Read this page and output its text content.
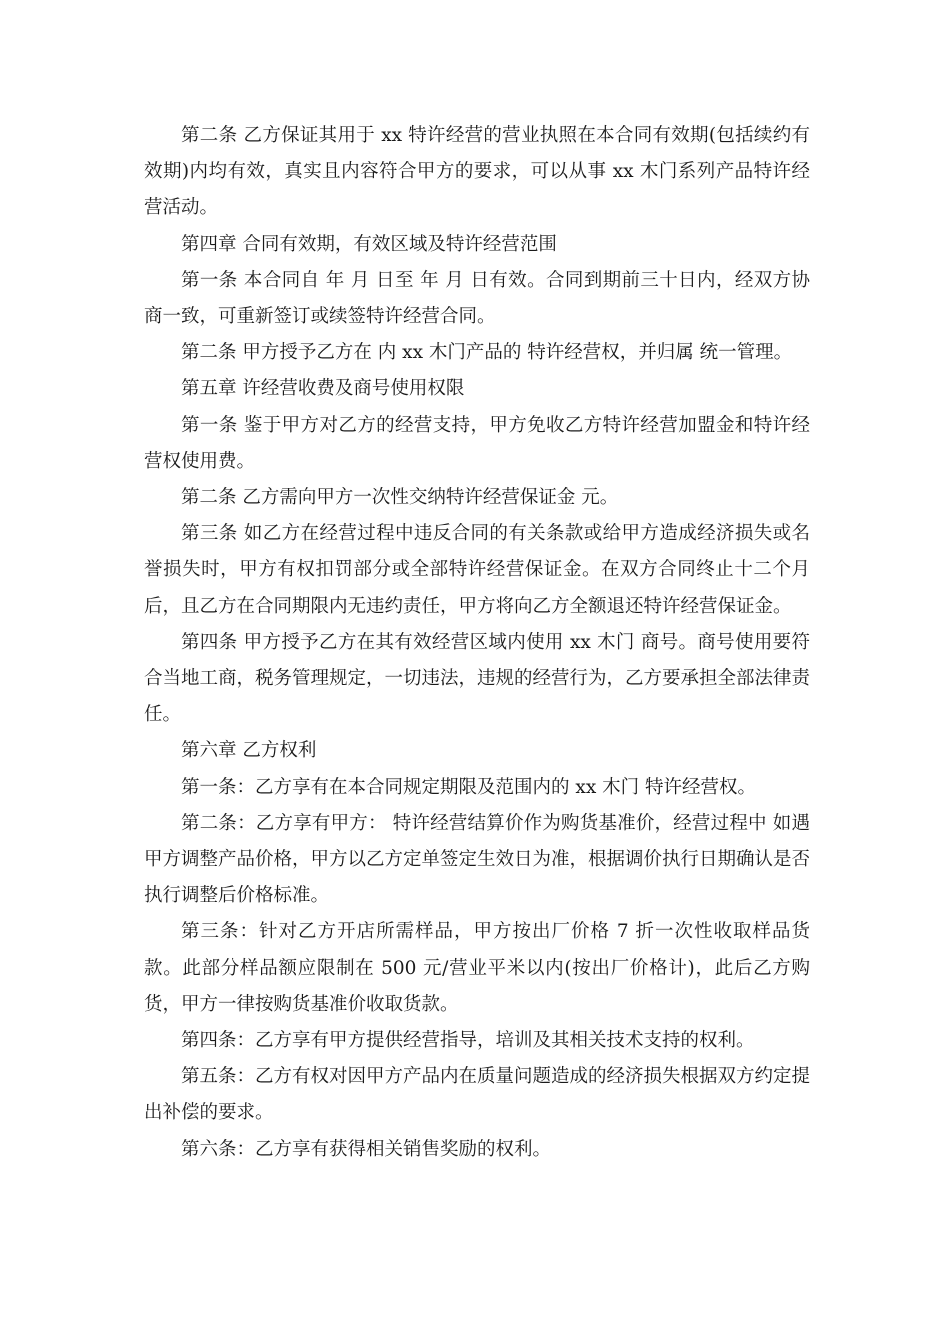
第二条 乙方保证其用于 xx 特许经营的营业执照在本合同有效期(包括续约有效期)内均有效，真实且内容符合甲方的要求，可以从事 xx 木门系列产品特许经营活动。

第四章 合同有效期，有效区域及特许经营范围

第一条 本合同自 年 月 日至 年 月 日有效。合同到期前三十日内，经双方协商一致，可重新签订或续签特许经营合同。

第二条 甲方授予乙方在 内 xx 木门产品的 特许经营权，并归属 统一管理。

第五章 许经营收费及商号使用权限

第一条 鉴于甲方对乙方的经营支持，甲方免收乙方特许经营加盟金和特许经营权使用费。

第二条 乙方需向甲方一次性交纳特许经营保证金 元。

第三条 如乙方在经营过程中违反合同的有关条款或给甲方造成经济损失或名誉损失时，甲方有权扣罚部分或全部特许经营保证金。在双方合同终止十二个月后，且乙方在合同期限内无违约责任，甲方将向乙方全额退还特许经营保证金。

第四条 甲方授予乙方在其有效经营区域内使用 xx 木门 商号。商号使用要符合当地工商，税务管理规定，一切违法，违规的经营行为，乙方要承担全部法律责任。

第六章 乙方权利

第一条：乙方享有在本合同规定期限及范围内的 xx 木门 特许经营权。

第二条：乙方享有甲方： 特许经营结算价作为购货基准价，经营过程中 如遇甲方调整产品价格，甲方以乙方定单签定生效日为准，根据调价执行日期确认是否执行调整后价格标准。

第三条：针对乙方开店所需样品，甲方按出厂价格 7 折一次性收取样品货款。此部分样品额应限制在 500 元/营业平米以内(按出厂价格计)，此后乙方购货，甲方一律按购货基准价收取货款。

第四条：乙方享有甲方提供经营指导，培训及其相关技术支持的权利。

第五条：乙方有权对因甲方产品内在质量问题造成的经济损失根据双方约定提出补偿的要求。

第六条：乙方享有获得相关销售奖励的权利。
